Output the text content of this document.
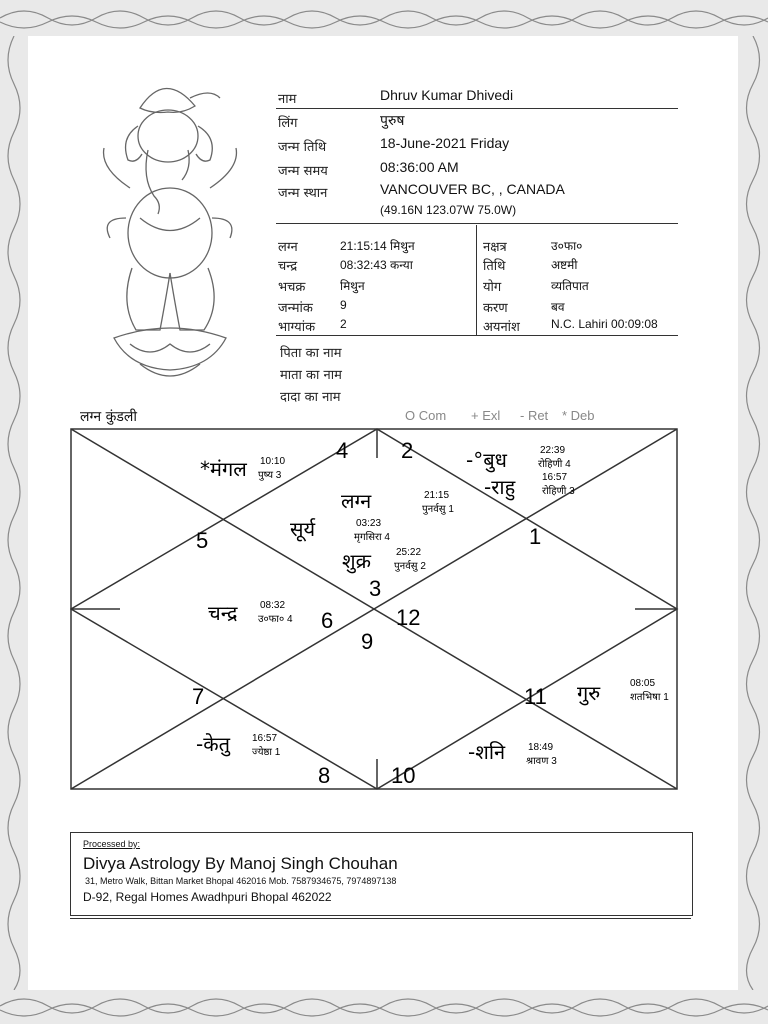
नाम	Dhruv Kumar Dhivedi
लिंग	पुरुष
जन्म तिथि	18-June-2021 Friday
जन्म समय	08:36:00 AM
जन्म स्थान	VANCOUVER BC, , CANADA
(49.16N 123.07W 75.0W)
लग्न	21:15:14 मिथुन
चन्द्र	08:32:43 कन्या
भचक्र	मिथुन
जन्मांक 9
भाग्यांक 2
नक्षत्र	उ०फा०
तिथि	अष्टमी
योग	व्यतिपात
करण	बव
अयनांश	N.C. Lahiri 00:09:08
पिता का नाम
माता का नाम
दादा का नाम
लग्न कुंडली	O Com + Exl - Ret * Deb
4 2
5	1
3
6	12
9
7	11
8	10
*मंगल 10:10
पुष्य 3
-°बुध	22:39
रोहिणी 4
-राहु	16:57
रोहिणी 3
लग्न	21:15
पुनर्वसु 1
सूर्य	03:23
मृगसिरा 4
शुक्र	25:22
पुनर्वसु 2
चन्द्र 08:32
उ०फा० 4
गुरु	08:05
शतभिषा 1
-केतु 16:57
ज्येष्ठा 1	-शनि 18:49
श्रावण 3
Processed by:
Divya Astrology By Manoj Singh Chouhan
31, Metro Walk, Bittan Market Bhopal 462016 Mob. 7587934675, 7974897138
D-92, Regal Homes Awadhpuri Bhopal 462022
